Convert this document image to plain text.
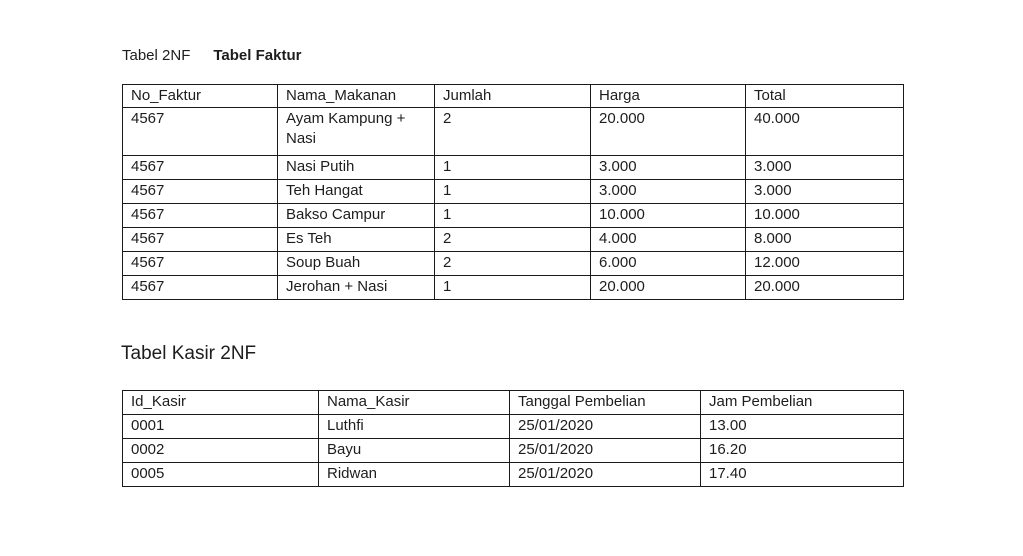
Tabel 2NF Tabel Faktur
No_Faktur	Nama_Makanan	Jumlah	Harga	Total
4567	Ayam Kampung + Nasi	2	20.000	40.000
4567	Nasi Putih	1	3.000	3.000
4567	Teh Hangat	1	3.000	3.000
4567	Bakso Campur	1	10.000	10.000
4567	Es Teh	2	4.000	8.000
4567	Soup Buah	2	6.000	12.000
4567	Jerohan + Nasi	1	20.000	20.000
Tabel Kasir 2NF
Id_Kasir	Nama_Kasir	Tanggal Pembelian	Jam Pembelian
0001	Luthfi	25/01/2020	13.00
0002	Bayu	25/01/2020	16.20
0005	Ridwan	25/01/2020	17.40
